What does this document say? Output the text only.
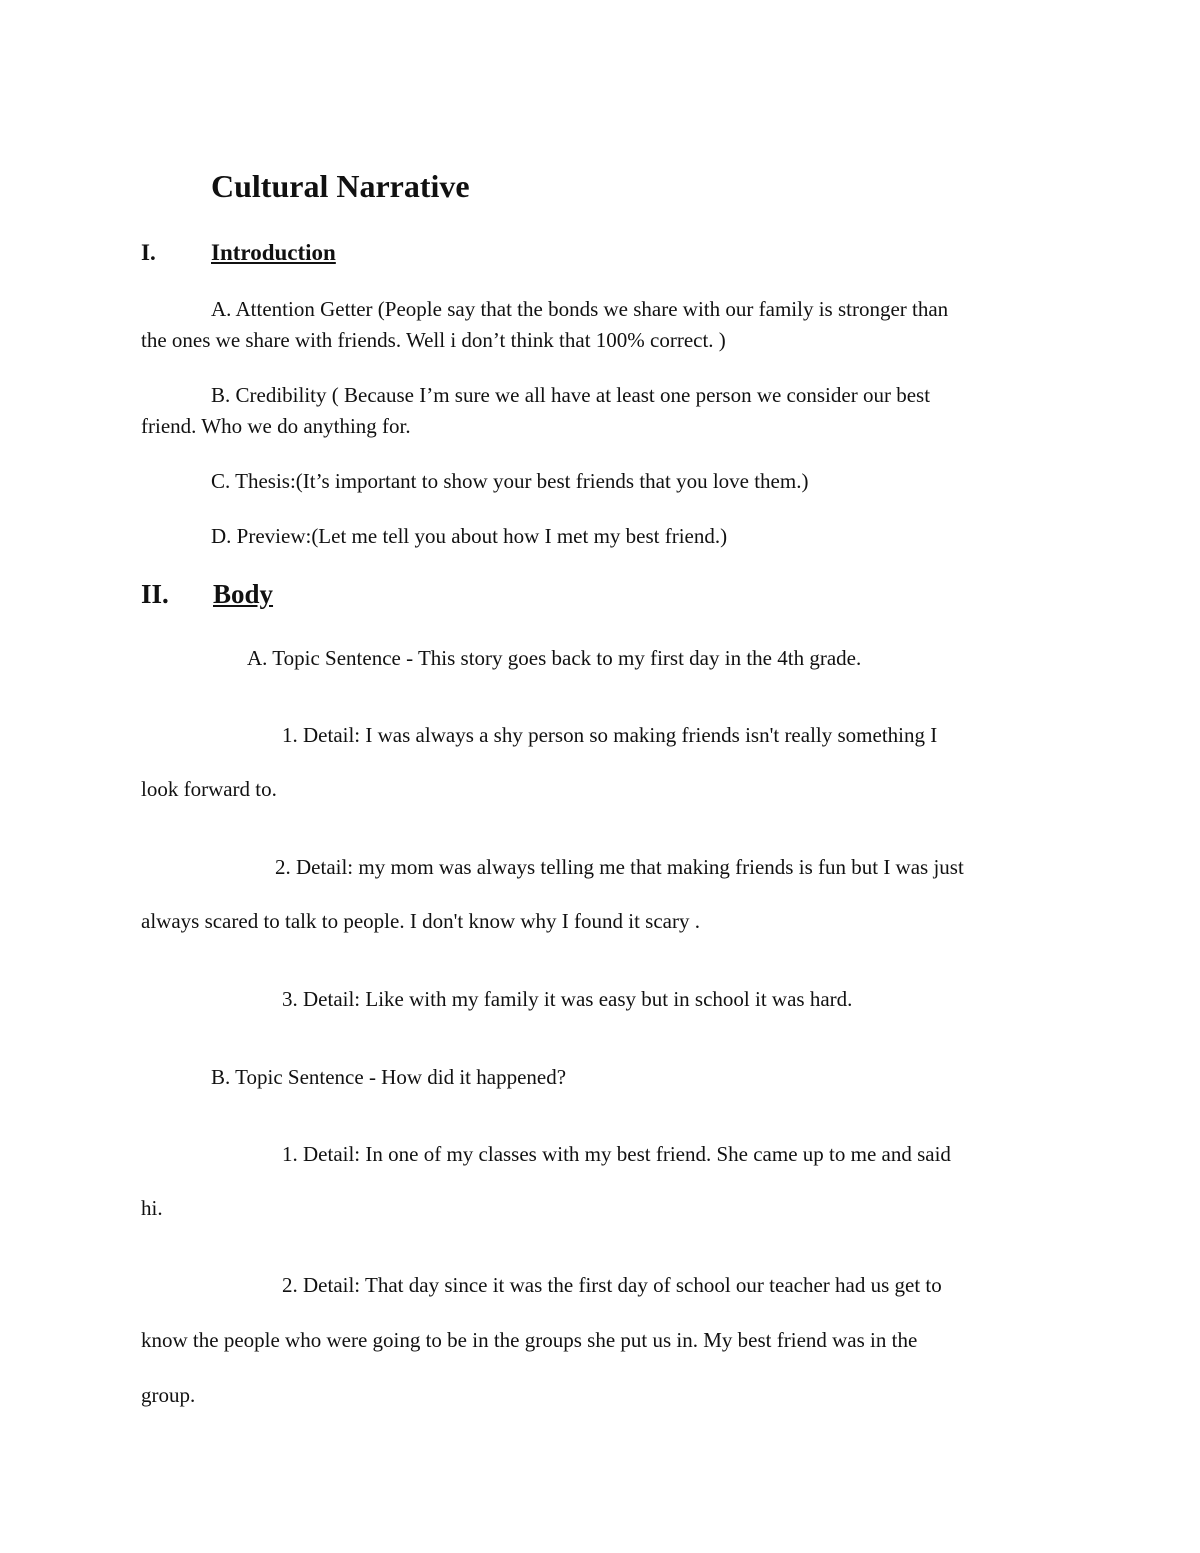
Cultural Narrative
I. Introduction
A. Attention Getter (People say that the bonds we share with our family is stronger than
the ones we share with friends. Well i don’t think that 100% correct. )
B. Credibility ( Because I’m sure we all have at least one person we consider our best
friend. Who we do anything for.
C. Thesis:(It’s important to show your best friends that you love them.)
D. Preview:(Let me tell you about how I met my best friend.)
II. Body
A. Topic Sentence - This story goes back to my first day in the 4th grade.
1. Detail: I was always a shy person so making friends isn't really something I
look forward to.
2. Detail: my mom was always telling me that making friends is fun but I was just
always scared to talk to people. I don't know why I found it scary .
3. Detail: Like with my family it was easy but in school it was hard.
B. Topic Sentence - How did it happened?
1. Detail: In one of my classes with my best friend. She came up to me and said
hi.
2. Detail: That day since it was the first day of school our teacher had us get to
know the people who were going to be in the groups she put us in. My best friend was in the
group.
